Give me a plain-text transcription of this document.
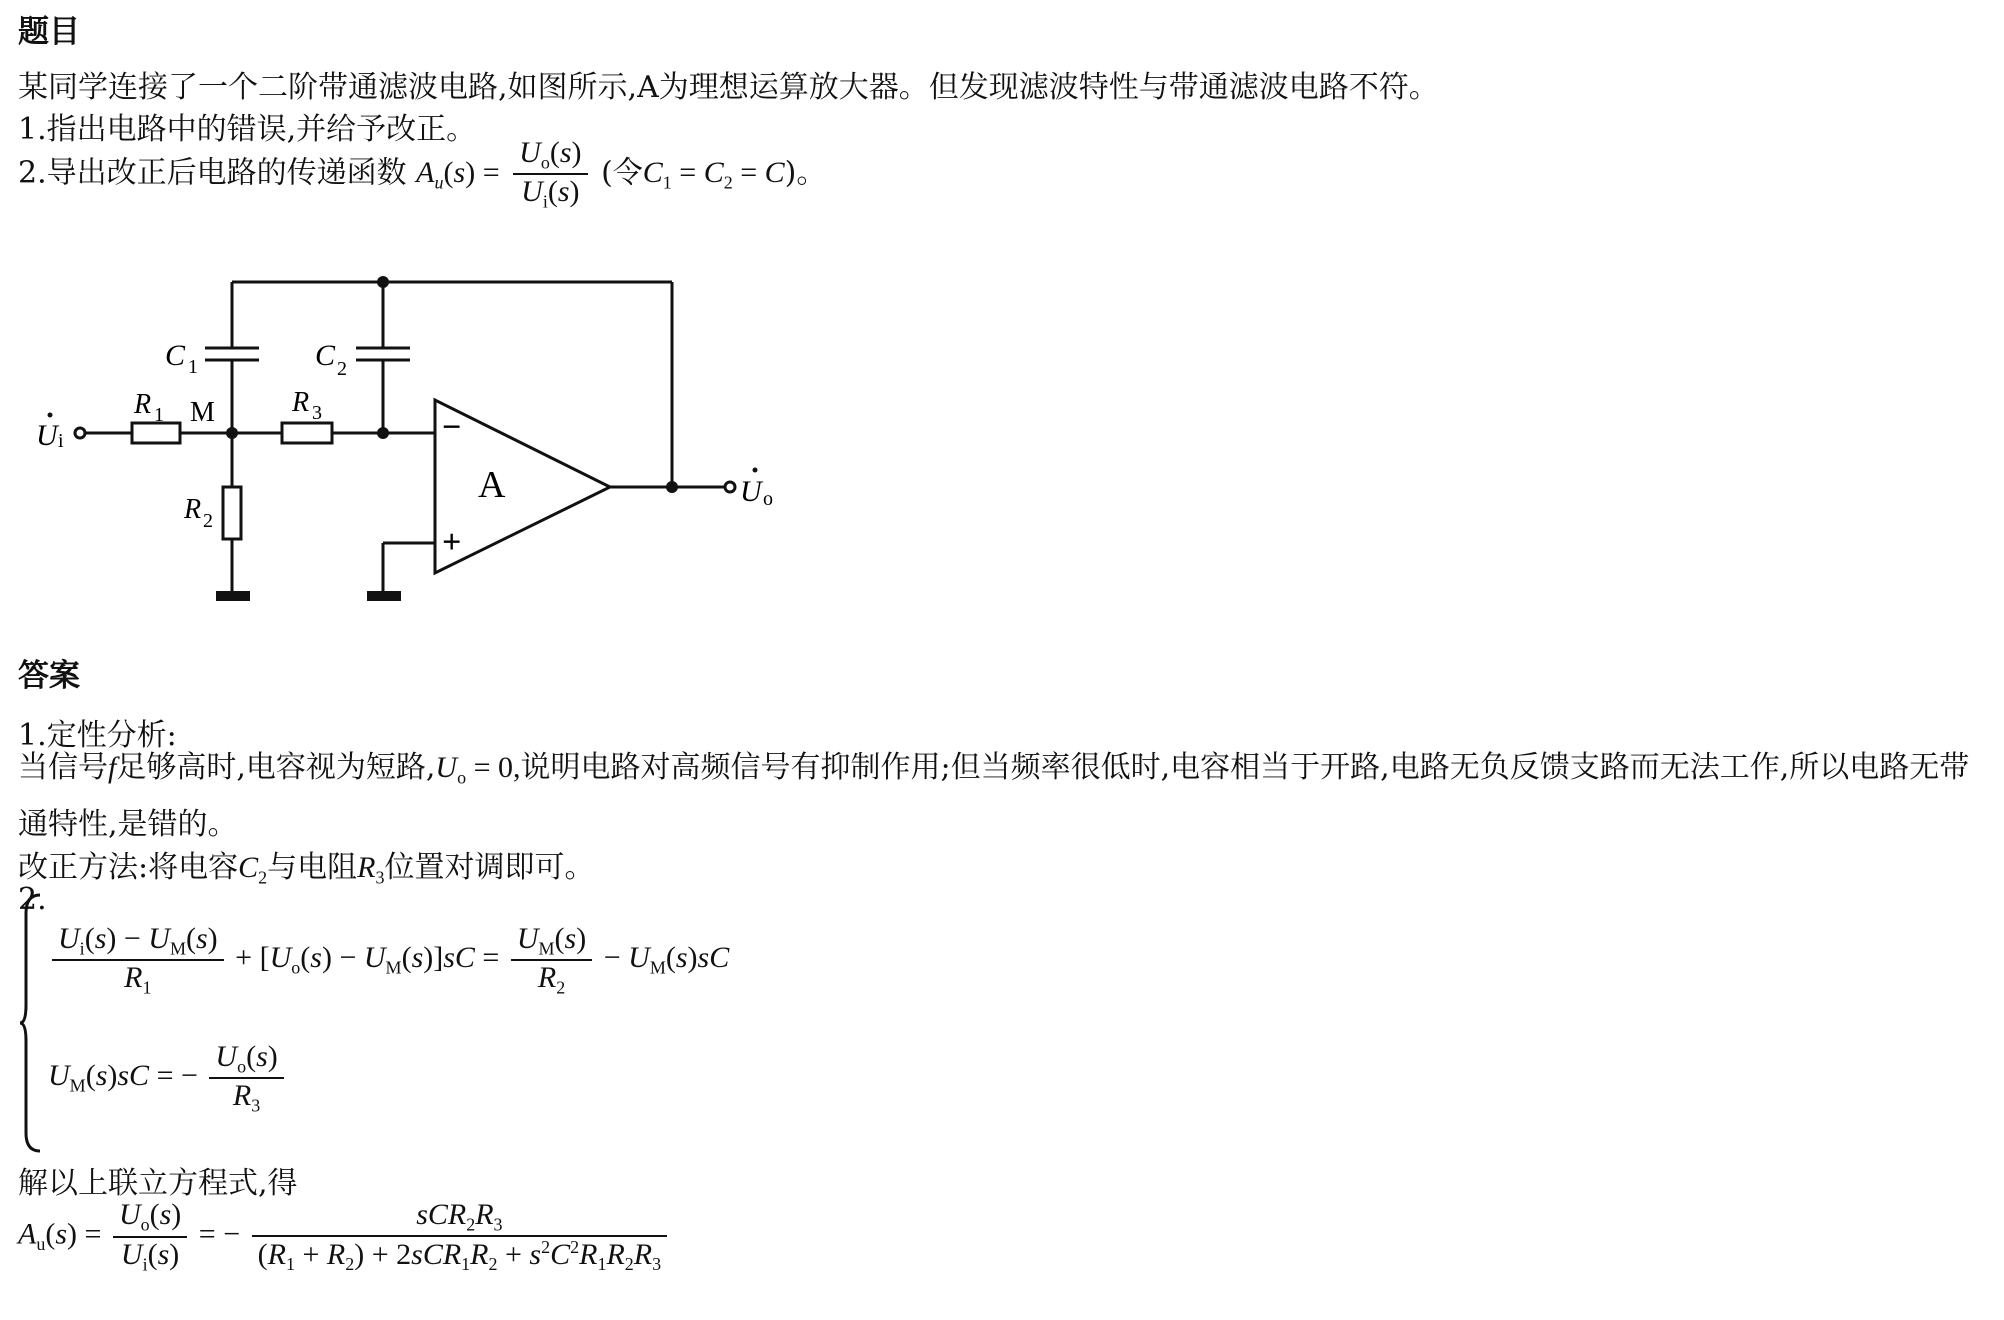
题目
某同学连接了一个二阶带通滤波电路,如图所示,A为理想运算放大器。但发现滤波特性与带通滤波电路不符。
1.指出电路中的错误,并给予改正。
2.导出改正后电路的传递函数 $A_u(s) = \frac{U_o(s)}{U_i(s)}$ (令$C_1 = C_2 = C$)。
C 1	C 2
R 1 M	R 3
R 2
A
−
+
U i
U o
答案
1.定性分析:
当信号f足够高时,电容视为短路$,U_o = 0$,说明电路对高频信号有抑制作用;但当频率很低时,电容相当于开路,电路无负反馈支路而无法工作,所以电路无带通特性,是错的。
改正方法:将电容$C_2$与电阻$R_3$位置对调即可。
2.
$\frac{U_i(s) - U_M(s)}{R_1} + [U_o(s) - U_M(s)]sC = \frac{U_M(s)}{R_2} - U_M(s)sC$
$U_M(s)sC$ = − $\frac{U_o(s)}{R_3}$
解以上联立方程式,得
$A_u(s) = \frac{U_o(s)}{U_i(s)}$ = − $\frac{sCR_2R_3}{(R_1 + R_2) + 2sCR_1R_2 + s^2C^2R_1R_2R_3}$
